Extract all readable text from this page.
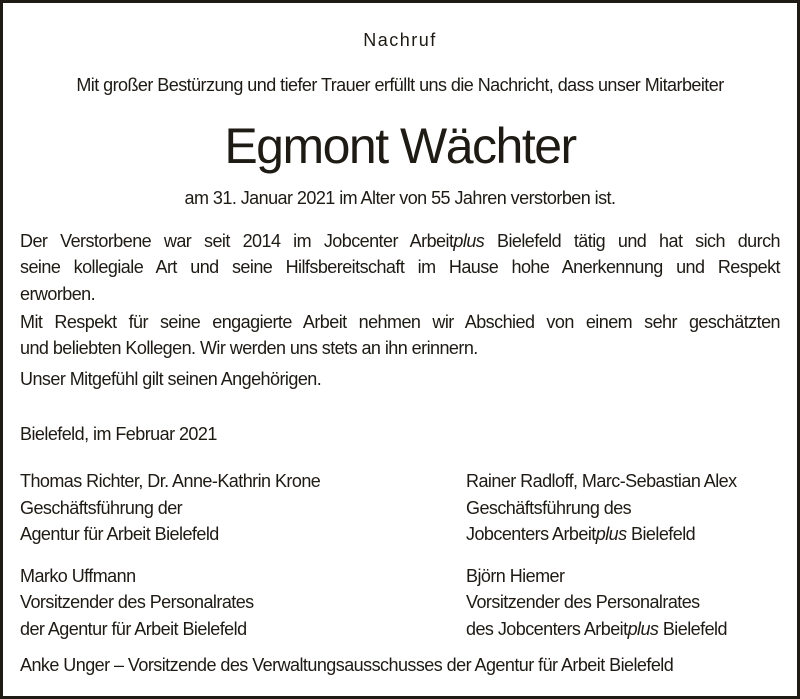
Nachruf
Mit großer Bestürzung und tiefer Trauer erfüllt uns die Nachricht, dass unser Mitarbeiter
Egmont Wächter
am 31. Januar 2021 im Alter von 55 Jahren verstorben ist.
Der Verstorbene war seit 2014 im Jobcenter Arbeitplus Bielefeld tätig und hat sich durch
seine kollegiale Art und seine Hilfsbereitschaft im Hause hohe Anerkennung und Respekt
erworben.
Mit Respekt für seine engagierte Arbeit nehmen wir Abschied von einem sehr geschätzten
und beliebten Kollegen. Wir werden uns stets an ihn erinnern.
Unser Mitgefühl gilt seinen Angehörigen.
Bielefeld, im Februar 2021
Thomas Richter, Dr. Anne-Kathrin Krone
Geschäftsführung der
Agentur für Arbeit Bielefeld
Rainer Radloff, Marc-Sebastian Alex
Geschäftsführung des
Jobcenters Arbeitplus Bielefeld
Marko Uffmann
Vorsitzender des Personalrates
der Agentur für Arbeit Bielefeld
Björn Hiemer
Vorsitzender des Personalrates
des Jobcenters Arbeitplus Bielefeld
Anke Unger – Vorsitzende des Verwaltungsausschusses der Agentur für Arbeit Bielefeld
